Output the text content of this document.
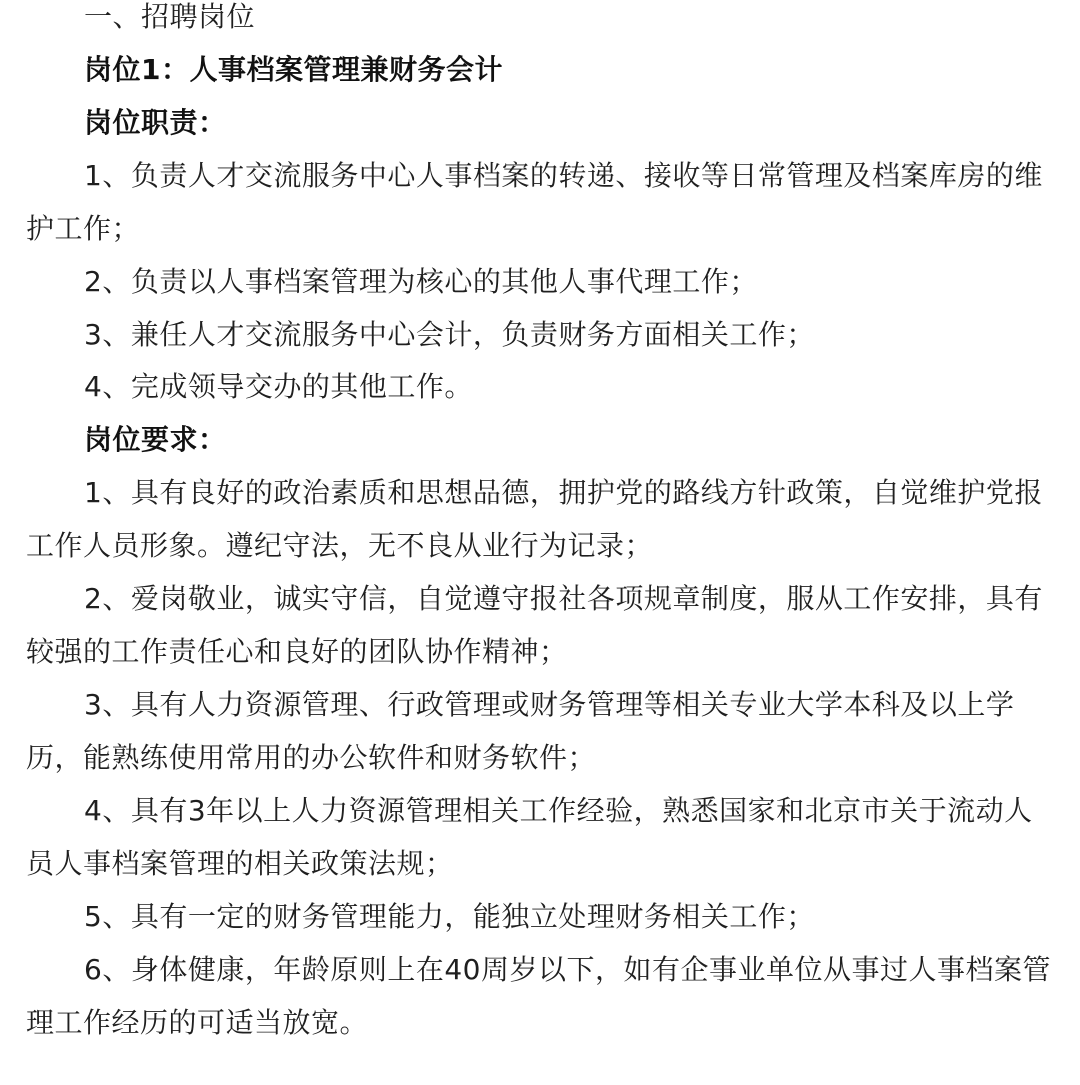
一、招聘岗位
岗位1：人事档案管理兼财务会计
岗位职责：
1、负责人才交流服务中心人事档案的转递、接收等日常管理及档案库房的维
护工作；
2、负责以人事档案管理为核心的其他人事代理工作；
3、兼任人才交流服务中心会计，负责财务方面相关工作；
4、完成领导交办的其他工作。
岗位要求：
1、具有良好的政治素质和思想品德，拥护党的路线方针政策，自觉维护党报
工作人员形象。遵纪守法，无不良从业行为记录；
2、爱岗敬业，诚实守信，自觉遵守报社各项规章制度，服从工作安排，具有
较强的工作责任心和良好的团队协作精神；
3、具有人力资源管理、行政管理或财务管理等相关专业大学本科及以上学
历，能熟练使用常用的办公软件和财务软件；
4、具有3年以上人力资源管理相关工作经验，熟悉国家和北京市关于流动人
员人事档案管理的相关政策法规；
5、具有一定的财务管理能力，能独立处理财务相关工作；
6、身体健康，年龄原则上在40周岁以下，如有企事业单位从事过人事档案管
理工作经历的可适当放宽。
